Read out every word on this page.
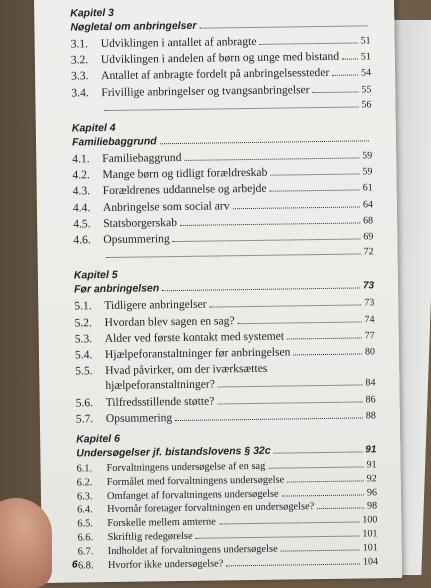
Kapitel 3
Nøgletal om anbringelser
3.1.	Udviklingen i antallet af anbragte	51
3.2.	Udviklingen i andelen af børn og unge med bistand 51
3.3.	Antallet af anbragte fordelt på anbringelsessteder	54
3.4.	Frivillige anbringelser og tvangsanbringelser	55
56
Kapitel 4
Familiebaggrund
4.1.	Familiebaggrund	59
4.2.	Mange børn og tidligt forældreskab	59
4.3.	Forældrenes uddannelse og arbejde	61
4.4.	Anbringelse som social arv	64
4.5.	Statsborgerskab	68
4.6.	Opsummering	69
72
Kapitel 5
Før anbringelsen	73
5.1.	Tidligere anbringelser	73
5.2.	Hvordan blev sagen en sag?	74
5.3.	Alder ved første kontakt med systemet	77
5.4.	Hjælpeforanstaltninger før anbringelsen	80
5.5.	Hvad påvirker, om der iværksættes
hjælpeforanstaltninger?	84
5.6.	Tilfredsstillende støtte?	86
5.7.	Opsummering	88
Kapitel 6
Undersøgelser jf. bistandslovens § 32c	91
6.1.	Forvaltningens undersøgelse af en sag	91
6.2.	Formålet med forvaltningens undersøgelse	92
6.3.	Omfanget af forvaltningens undersøgelse	96
6.4.	Hvornår foretager forvaltningen en undersøgelse?	98
6.5.	Forskelle mellem amterne	100
6.6.	Skriftlig redegørelse	101
6.7.	Indholdet af forvaltningens undersøgelse	101
6.8.	Hvorfor ikke undersøgelse?	104
6
